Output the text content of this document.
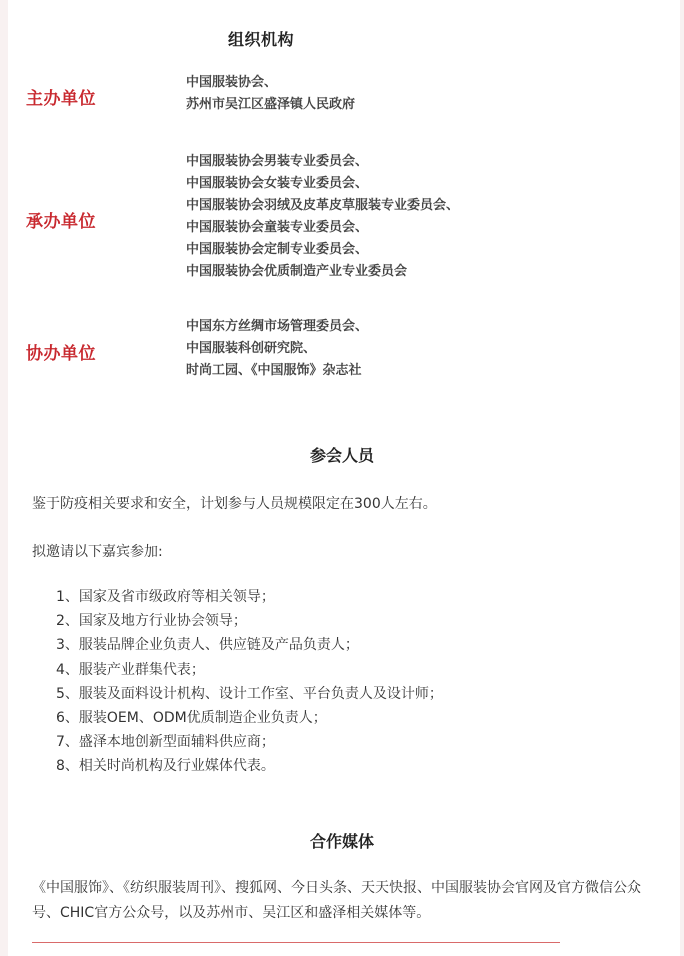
组织机构
主办单位
中国服装协会、
苏州市吴江区盛泽镇人民政府
承办单位
中国服装协会男装专业委员会、
中国服装协会女装专业委员会、
中国服装协会羽绒及皮革皮草服装专业委员会、
中国服装协会童装专业委员会、
中国服装协会定制专业委员会、
中国服装协会优质制造产业专业委员会
协办单位
中国东方丝绸市场管理委员会、
中国服装科创研究院、
时尚工园、《中国服饰》杂志社
参会人员
鉴于防疫相关要求和安全，计划参与人员规模限定在300人左右。
拟邀请以下嘉宾参加:
1、国家及省市级政府等相关领导；
2、国家及地方行业协会领导；
3、服装品牌企业负责人、供应链及产品负责人；
4、服装产业群集代表；
5、服装及面料设计机构、设计工作室、平台负责人及设计师；
6、服装OEM、ODM优质制造企业负责人；
7、盛泽本地创新型面辅料供应商；
8、相关时尚机构及行业媒体代表。
合作媒体
《中国服饰》、《纺织服装周刊》、搜狐网、今日头条、天天快报、中国服装协会官网及官方微信公众号、CHIC官方公众号，以及苏州市、吴江区和盛泽相关媒体等。
